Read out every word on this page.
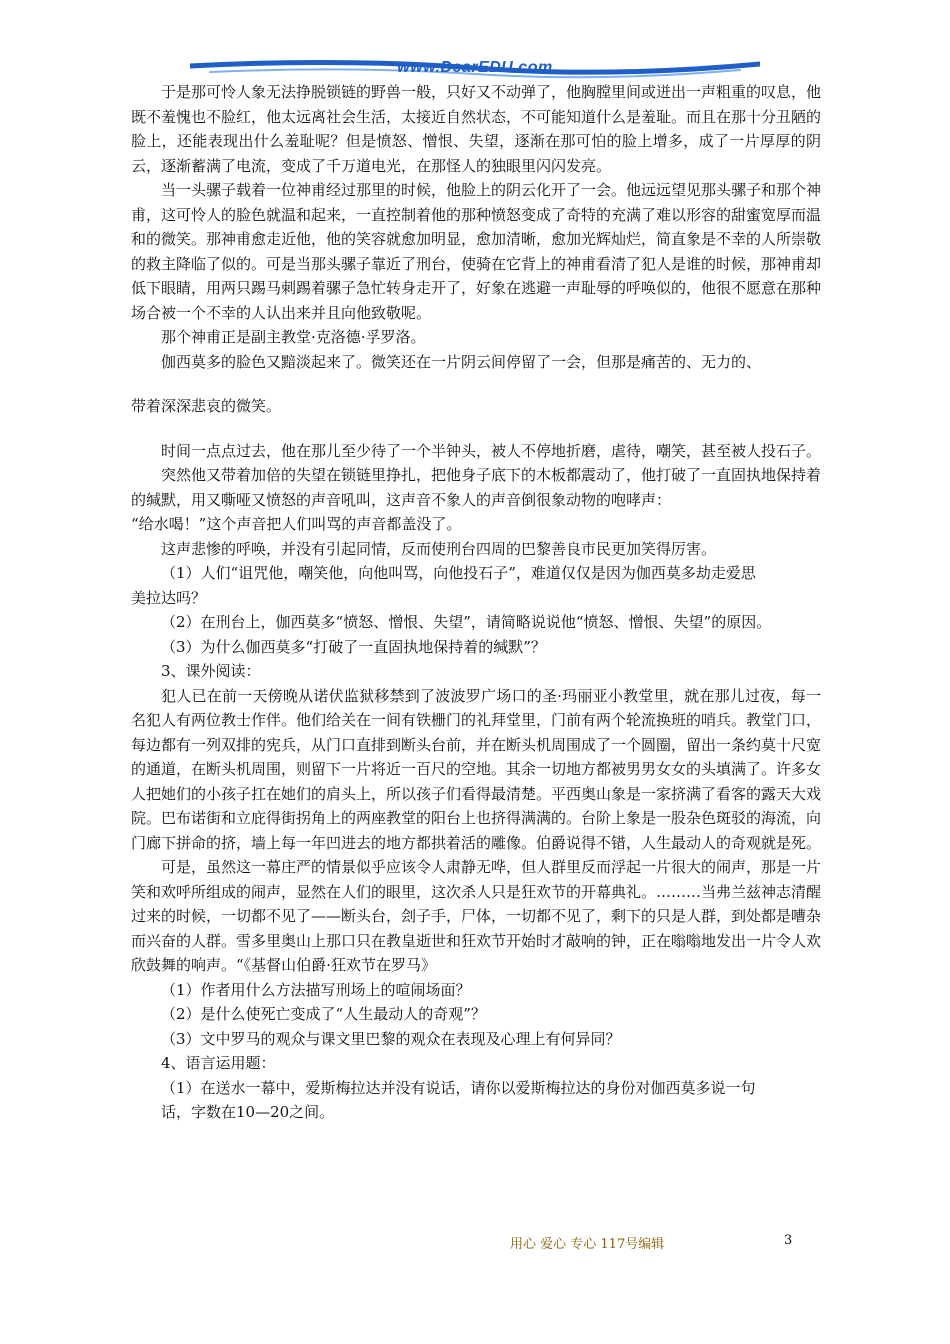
www.DearEDU.com

于是那可怜人象无法挣脱锁链的野兽一般，只好又不动弹了，他胸膛里间或迸出一声粗重的叹息，他既不羞愧也不脸红，他太远离社会生活，太接近自然状态，不可能知道什么是羞耻。而且在那十分丑陋的脸上，还能表现出什么羞耻呢？但是愤怒、憎恨、失望，逐渐在那可怕的脸上增多，成了一片厚厚的阴云，逐渐蓄满了电流，变成了千万道电光，在那怪人的独眼里闪闪发亮。

当一头骡子载着一位神甫经过那里的时候，他脸上的阴云化开了一会。他远远望见那头骡子和那个神甫，这可怜人的脸色就温和起来，一直控制着他的那种愤怒变成了奇特的充满了难以形容的甜蜜宽厚而温和的微笑。那神甫愈走近他，他的笑容就愈加明显，愈加清晰，愈加光辉灿烂，简直象是不幸的人所崇敬的救主降临了似的。可是当那头骡子靠近了刑台，使骑在它背上的神甫看清了犯人是谁的时候，那神甫却低下眼睛，用两只踢马刺踢着骡子急忙转身走开了，好象在逃避一声耻辱的呼唤似的，他很不愿意在那种场合被一个不幸的人认出来并且向他致敬呢。

那个神甫正是副主教堂·克洛德·孚罗洛。

伽西莫多的脸色又黯淡起来了。微笑还在一片阴云间停留了一会，但那是痛苦的、无力的、

带着深深悲哀的微笑。

时间一点点过去，他在那儿至少待了一个半钟头，被人不停地折磨，虐待，嘲笑，甚至被人投石子。

突然他又带着加倍的失望在锁链里挣扎，把他身子底下的木板都震动了，他打破了一直固执地保持着的缄默，用又嘶哑又愤怒的声音吼叫，这声音不象人的声音倒很象动物的咆哮声：

“给水喝！”这个声音把人们叫骂的声音都盖没了。

这声悲惨的呼唤，并没有引起同情，反而使刑台四周的巴黎善良市民更加笑得厉害。

（1）人们“诅咒他，嘲笑他，向他叫骂，向他投石子”，难道仅仅是因为伽西莫多劫走爱思

美拉达吗？

（2）在刑台上，伽西莫多“愤怒、憎恨、失望”，请简略说说他“愤怒、憎恨、失望”的原因。

（3）为什么伽西莫多“打破了一直固执地保持着的缄默”？

3、课外阅读：

犯人已在前一天傍晚从诺伏监狱移禁到了波波罗广场口的圣·玛丽亚小教堂里，就在那儿过夜，每一名犯人有两位教士作伴。他们给关在一间有铁栅门的礼拜堂里，门前有两个轮流换班的哨兵。教堂门口，每边都有一列双排的宪兵，从门口直排到断头台前，并在断头机周围成了一个圆圈，留出一条约莫十尺宽的通道，在断头机周围，则留下一片将近一百尺的空地。其余一切地方都被男男女女的头填满了。许多女人把她们的小孩子扛在她们的肩头上，所以孩子们看得最清楚。平西奥山象是一家挤满了看客的露天大戏院。巴布诺街和立庇得街拐角上的两座教堂的阳台上也挤得满满的。台阶上象是一股杂色斑驳的海流，向门廊下拼命的挤，墙上每一年凹进去的地方都拱着活的雕像。伯爵说得不错，人生最动人的奇观就是死。

可是，虽然这一幕庄严的情景似乎应该令人肃静无哗，但人群里反而浮起一片很大的闹声，那是一片笑和欢呼所组成的闹声，显然在人们的眼里，这次杀人只是狂欢节的开幕典礼。………当弗兰兹神志清醒过来的时候，一切都不见了——断头台，刽子手，尸体，一切都不见了，剩下的只是人群，到处都是嘈杂而兴奋的人群。雪多里奥山上那口只在教皇逝世和狂欢节开始时才敲响的钟，正在嗡嗡地发出一片令人欢欣鼓舞的响声。“《基督山伯爵·狂欢节在罗马》

（1）作者用什么方法描写刑场上的喧闹场面？

（2）是什么使死亡变成了“人生最动人的奇观”？

（3）文中罗马的观众与课文里巴黎的观众在表现及心理上有何异同？

4、语言运用题：

（1）在送水一幕中，爱斯梅拉达并没有说话，请你以爱斯梅拉达的身份对伽西莫多说一句

话，字数在10—20之间。

用心 爱心 专心 117号编辑	3
